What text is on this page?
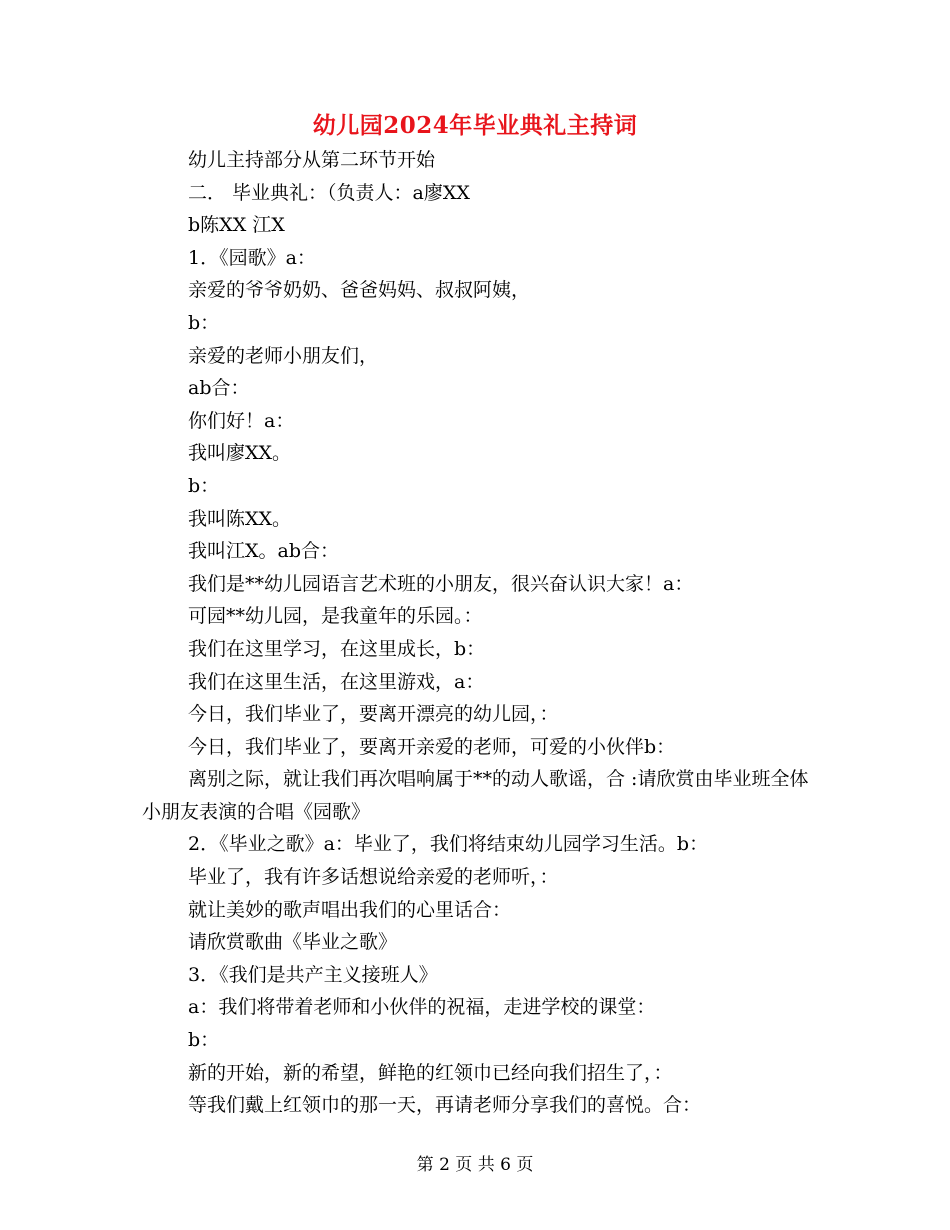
幼儿园2024年毕业典礼主持词

幼儿主持部分从第二环节开始

二． 毕业典礼：（负责人：a廖XX

b陈XX 江X

1．《园歌》a：

亲爱的爷爷奶奶、爸爸妈妈、叔叔阿姨，

b：

亲爱的老师小朋友们，

ab合：

你们好！a：

我叫廖XX。

b：

我叫陈XX。

我叫江X。ab合：

我们是**幼儿园语言艺术班的小朋友，很兴奋认识大家！a：

可园**幼儿园，是我童年的乐园。：

我们在这里学习，在这里成长，b：

我们在这里生活，在这里游戏，a：

今日，我们毕业了，要离开漂亮的幼儿园，：

今日，我们毕业了，要离开亲爱的老师，可爱的小伙伴b：

离别之际，就让我们再次唱响属于**的动人歌谣，合 :请欣赏由毕业班全体小朋友表演的合唱《园歌》

2．《毕业之歌》a：毕业了，我们将结束幼儿园学习生活。b：

毕业了，我有许多话想说给亲爱的老师听，：

就让美妙的歌声唱出我们的心里话合：

请欣赏歌曲《毕业之歌》

3．《我们是共产主义接班人》

a：我们将带着老师和小伙伴的祝福，走进学校的课堂：

b：

新的开始，新的希望，鲜艳的红领巾已经向我们招生了，：

等我们戴上红领巾的那一天，再请老师分享我们的喜悦。合：

第 2 页 共 6 页
